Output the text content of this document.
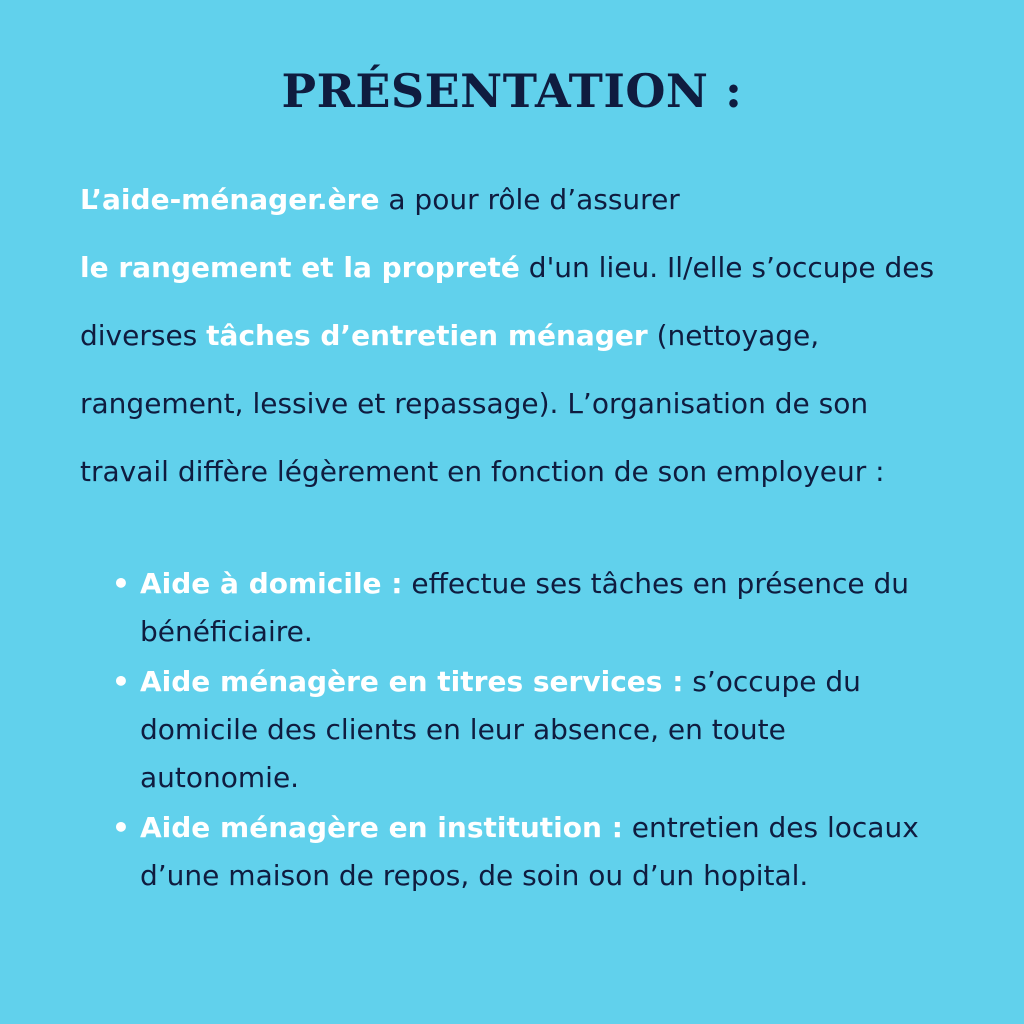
PRÉSENTATION :

L’aide-ménager.ère a pour rôle d’assurer
le rangement et la propreté d'un lieu. Il/elle s’occupe des diverses tâches d’entretien ménager (nettoyage, rangement, lessive et repassage). L’organisation de son travail diffère légèrement en fonction de son employeur :

• Aide à domicile : effectue ses tâches en présence du bénéficiaire.
• Aide ménagère en titres services : s’occupe du domicile des clients en leur absence, en toute autonomie.
• Aide ménagère en institution : entretien des locaux d’une maison de repos, de soin ou d’un hopital.
